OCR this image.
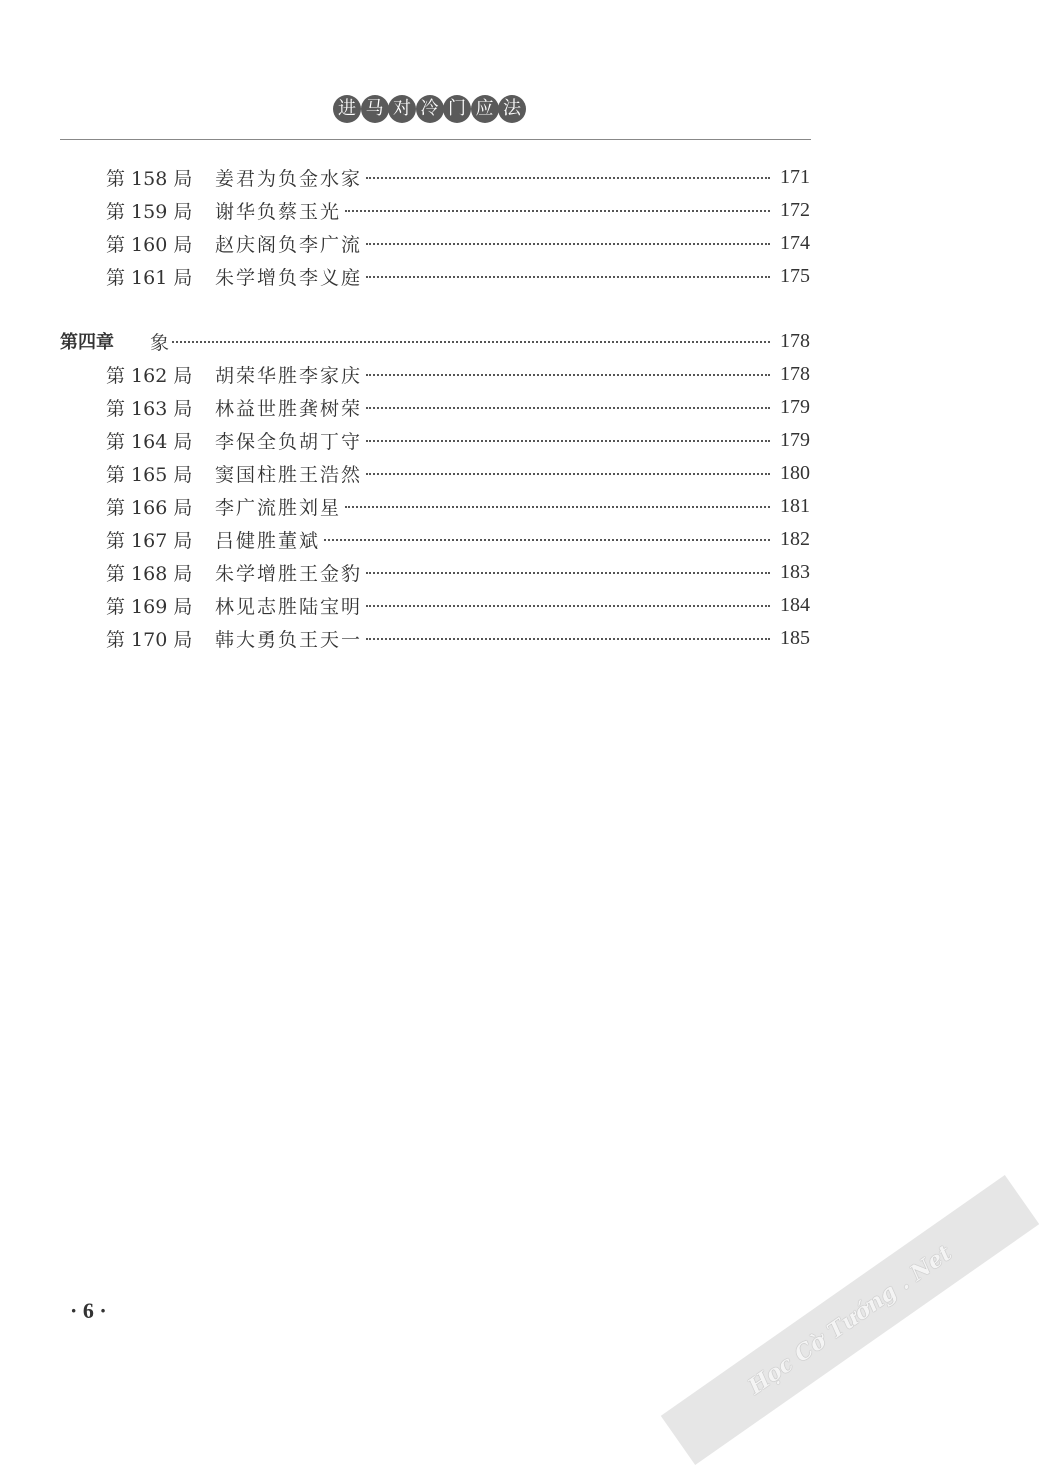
进 马 对 冷 门 应 法
第 158 局 姜君为负金水家	171
第 159 局 谢华负蔡玉光	172
第 160 局 赵庆阁负李广流	174
第 161 局 朱学增负李义庭	175
第四章 象	178
第 162 局 胡荣华胜李家庆	178
第 163 局 林益世胜龚树荣	179
第 164 局 李保全负胡丁守	179
第 165 局 窦国柱胜王浩然	180
第 166 局 李广流胜刘星	181
第 167 局 吕健胜董斌	182
第 168 局 朱学增胜王金豹	183
第 169 局 林见志胜陆宝明	184
第 170 局 韩大勇负王天一	185
· 6 ·	Học Cờ Tướng . Net
